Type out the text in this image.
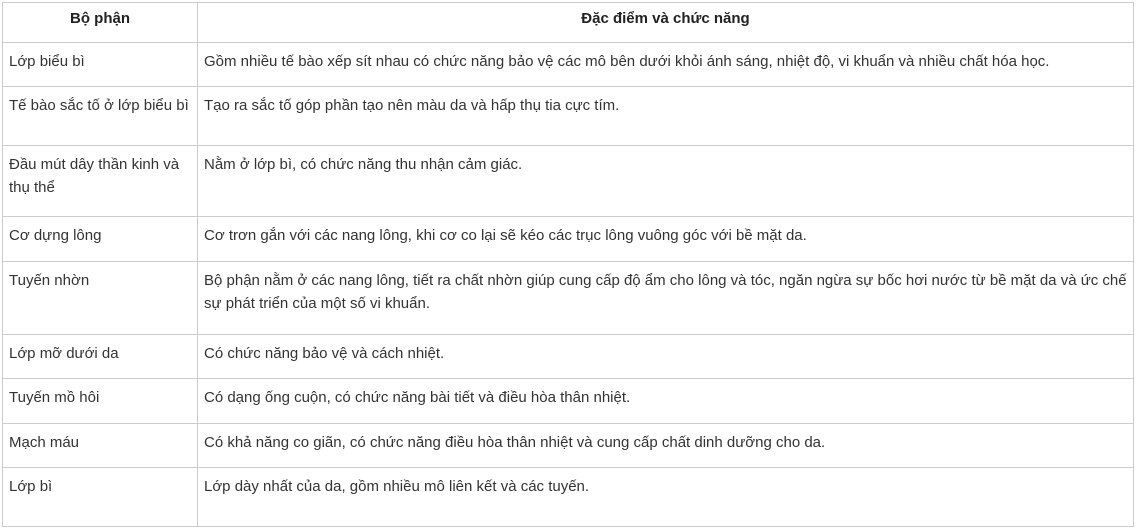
Bộ phận	Đặc điểm và chức năng
Lớp biểu bì	Gồm nhiều tế bào xếp sít nhau có chức năng bảo vệ các mô bên dưới khỏi ánh sáng, nhiệt độ, vi khuẩn và nhiều chất hóa học.
Tế bào sắc tố ở lớp biểu bì	Tạo ra sắc tố góp phần tạo nên màu da và hấp thụ tia cực tím.
Đầu mút dây thần kinh và thụ thể	Nằm ở lớp bì, có chức năng thu nhận cảm giác.
Cơ dựng lông	Cơ trơn gắn với các nang lông, khi cơ co lại sẽ kéo các trục lông vuông góc với bề mặt da.
Tuyến nhờn	Bộ phận nằm ở các nang lông, tiết ra chất nhờn giúp cung cấp độ ẩm cho lông và tóc, ngăn ngừa sự bốc hơi nước từ bề mặt da và ức chế sự phát triển của một số vi khuẩn.
Lớp mỡ dưới da	Có chức năng bảo vệ và cách nhiệt.
Tuyến mồ hôi	Có dạng ống cuộn, có chức năng bài tiết và điều hòa thân nhiệt.
Mạch máu	Có khả năng co giãn, có chức năng điều hòa thân nhiệt và cung cấp chất dinh dưỡng cho da.
Lớp bì	Lớp dày nhất của da, gồm nhiều mô liên kết và các tuyến.
